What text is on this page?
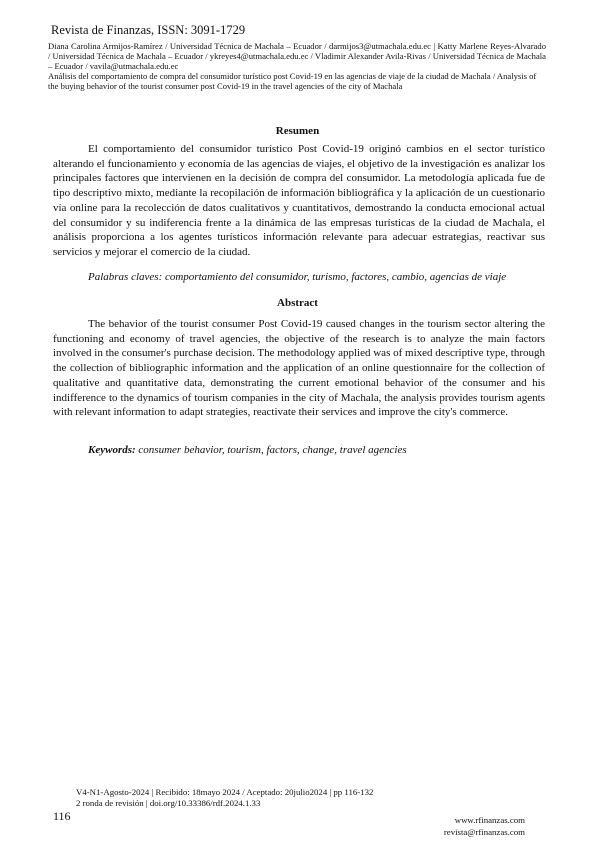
Revista de Finanzas, ISSN: 3091-1729
Diana Carolina Armijos-Ramírez / Universidad Técnica de Machala – Ecuador / darmijos3@utmachala.edu.ec | Katty Marlene Reyes-Alvarado / Universidad Técnica de Machala – Ecuador / ykreyes4@utmachala.edu.ec / Vladimir Alexander Avila-Rivas / Universidad Técnica de Machala – Ecuador / vavila@utmachala.edu.ec
Análisis del comportamiento de compra del consumidor turístico post Covid-19 en las agencias de viaje de la ciudad de Machala / Analysis of the buying behavior of the tourist consumer post Covid-19 in the travel agencies of the city of Machala
Resumen

El comportamiento del consumidor turístico Post Covid-19 originó cambios en el sector turístico alterando el funcionamiento y economía de las agencias de viajes, el objetivo de la investigación es analizar los principales factores que intervienen en la decisión de compra del consumidor. La metodología aplicada fue de tipo descriptivo mixto, mediante la recopilación de información bibliográfica y la aplicación de un cuestionario vía online para la recolección de datos cualitativos y cuantitativos, demostrando la conducta emocional actual del consumidor y su indiferencia frente a la dinámica de las empresas turísticas de la ciudad de Machala, el análisis proporciona a los agentes turísticos información relevante para adecuar estrategias, reactivar sus servicios y mejorar el comercio de la ciudad.

Palabras claves: comportamiento del consumidor, turismo, factores, cambio, agencias de viaje
Abstract

The behavior of the tourist consumer Post Covid-19 caused changes in the tourism sector altering the functioning and economy of travel agencies, the objective of the research is to analyze the main factors involved in the consumer's purchase decision. The methodology applied was of mixed descriptive type, through the collection of bibliographic information and the application of an online questionnaire for the collection of qualitative and quantitative data, demonstrating the current emotional behavior of the consumer and his indifference to the dynamics of tourism companies in the city of Machala, the analysis provides tourism agents with relevant information to adapt strategies, reactivate their services and improve the city's commerce.

Keywords: consumer behavior, tourism, factors, change, travel agencies
V4-N1-Agosto-2024 | Recibido: 18mayo 2024 / Aceptado: 20julio2024 | pp 116-132
2 ronda de revisión | doi.org/10.33386/rdf.2024.1.33
116	www.rfinanzas.com
revista@rfinanzas.com
